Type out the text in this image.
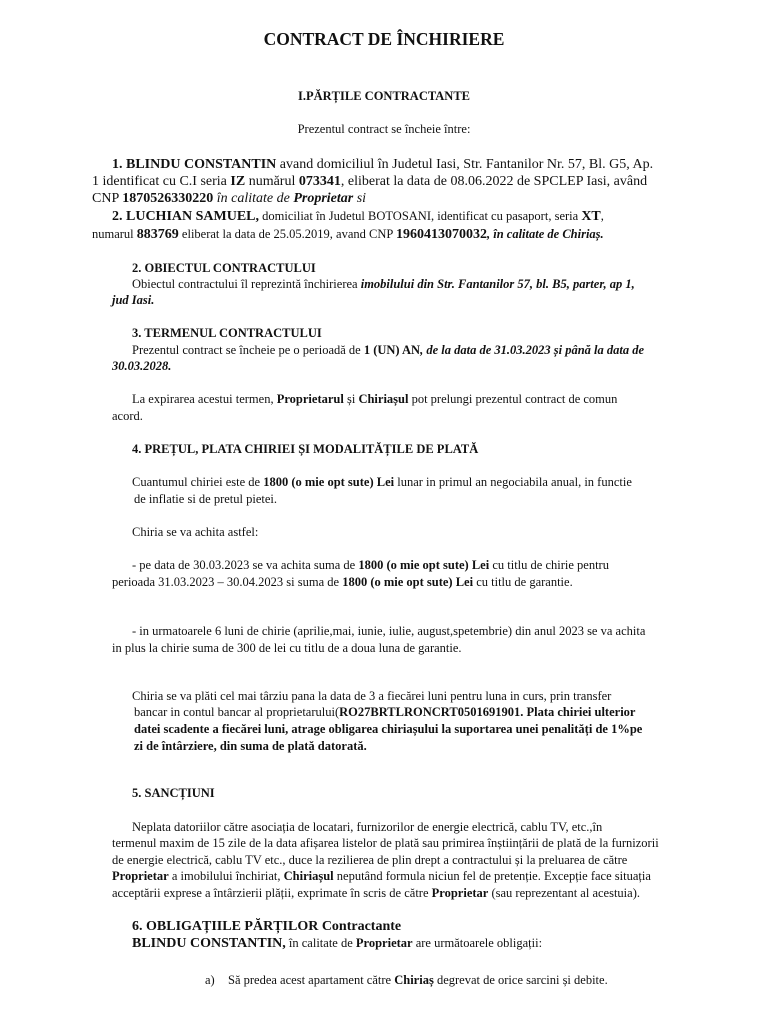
CONTRACT DE ÎNCHIRIERE
I.PĂRȚILE CONTRACTANTE
Prezentul contract se încheie între:
1. BLINDU CONSTANTIN avand domiciliul în Judetul Iasi, Str. Fantanilor Nr. 57, Bl. G5, Ap.
1 identificat cu C.I seria IZ numărul 073341, eliberat la data de 08.06.2022 de SPCLEP Iasi, având
CNP 1870526330220 în calitate de Proprietar si
2. LUCHIAN SAMUEL, domiciliat în Judetul BOTOSANI, identificat cu pasaport, seria XT,
numarul 883769 eliberat la data de 25.05.2019, avand CNP 1960413070032, în calitate de Chiriaș.
2. OBIECTUL CONTRACTULUI
Obiectul contractului îl reprezintă închirierea imobilului din Str. Fantanilor 57, bl. B5, parter, ap 1,
jud Iasi.
3. TERMENUL CONTRACTULUI
Prezentul contract se încheie pe o perioadă de 1 (UN) AN, de la data de 31.03.2023 și până la data de
30.03.2028.
La expirarea acestui termen, Proprietarul și Chiriașul pot prelungi prezentul contract de comun
acord.
4. PREȚUL, PLATA CHIRIEI ȘI MODALITĂȚILE DE PLATĂ
Cuantumul chiriei este de 1800 (o mie opt sute) Lei lunar in primul an negociabila anual, in functie
de inflatie si de pretul pietei.
Chiria se va achita astfel:
- pe data de 30.03.2023 se va achita suma de 1800 (o mie opt sute) Lei cu titlu de chirie pentru
perioada 31.03.2023 – 30.04.2023 si suma de 1800 (o mie opt sute) Lei cu titlu de garantie.
- in urmatoarele 6 luni de chirie (aprilie,mai, iunie, iulie, august,spetembrie) din anul 2023 se va achita
in plus la chirie suma de 300 de lei cu titlu de a doua luna de garantie.
Chiria se va plăti cel mai târziu pana la data de 3 a fiecărei luni pentru luna in curs, prin transfer
bancar in contul bancar al proprietarului(RO27BRTLRONCRT0501691901. Plata chiriei ulterior
datei scadente a fiecărei luni, atrage obligarea chiriașului la suportarea unei penalități de 1%pe
zi de întârziere, din suma de plată datorată.
5. SANCȚIUNI
Neplata datoriilor către asociația de locatari, furnizorilor de energie electrică, cablu TV, etc.,în
termenul maxim de 15 zile de la data afișarea listelor de plată sau primirea înștiințării de plată de la furnizorii
de energie electrică, cablu TV etc., duce la rezilierea de plin drept a contractului și la preluarea de către
Proprietar a imobilului închiriat, Chiriașul neputând formula niciun fel de pretenție. Excepție face situația
acceptării exprese a întârzierii plății, exprimate în scris de către Proprietar (sau reprezentant al acestuia).
6. OBLIGAȚIILE PĂRȚILOR Contractante
BLINDU CONSTANTIN, în calitate de Proprietar are următoarele obligații:
a) Să predea acest apartament către Chiriaș degrevat de orice sarcini și debite.
